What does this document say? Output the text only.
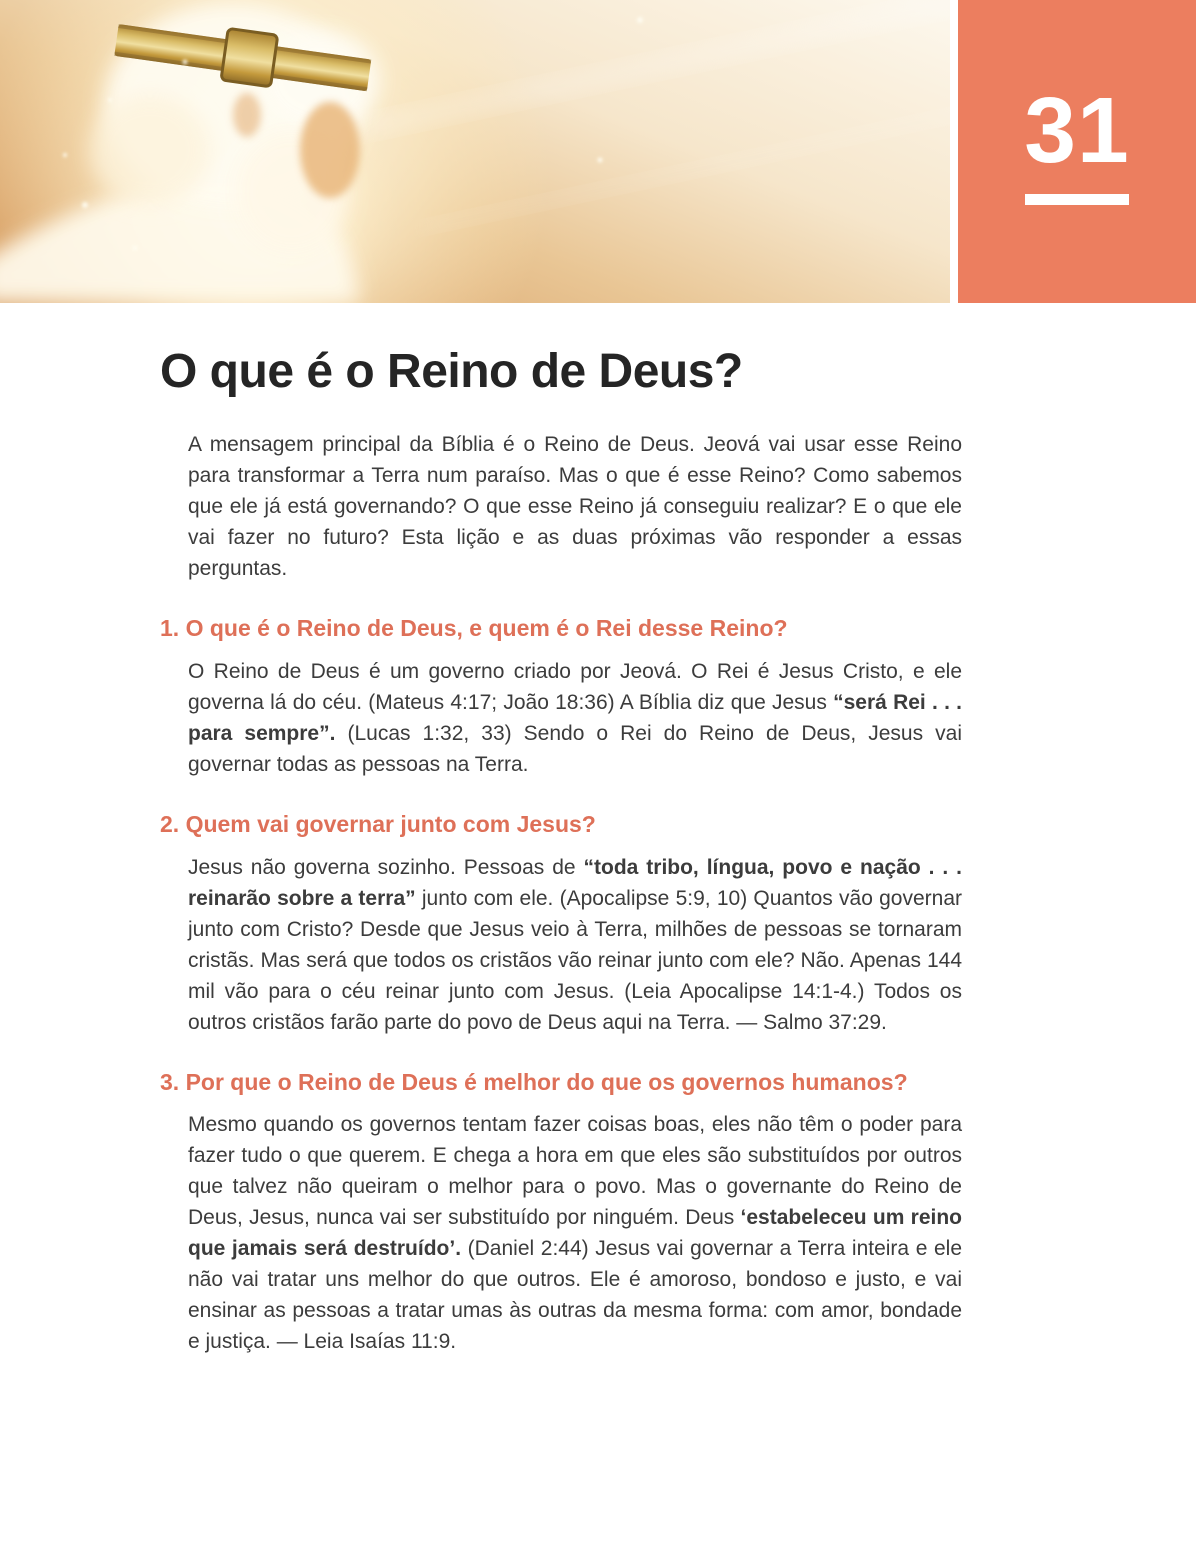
31
O que é o Reino de Deus?

A mensagem principal da Bíblia é o Reino de Deus. Jeová vai usar esse Reino para transformar a Terra num paraíso. Mas o que é esse Reino? Como sabemos que ele já está governando? O que esse Reino já conseguiu realizar? E o que ele vai fazer no futuro? Esta lição e as duas próximas vão responder a essas perguntas.

1. O que é o Reino de Deus, e quem é o Rei desse Reino?

O Reino de Deus é um governo criado por Jeová. O Rei é Jesus Cristo, e ele governa lá do céu. (Mateus 4:17; João 18:36) A Bíblia diz que Jesus “será Rei . . . para sempre”. (Lucas 1:32, 33) Sendo o Rei do Reino de Deus, Jesus vai governar todas as pessoas na Terra.

2. Quem vai governar junto com Jesus?

Jesus não governa sozinho. Pessoas de “toda tribo, língua, povo e nação . . . reinarão sobre a terra” junto com ele. (Apocalipse 5:9, 10) Quantos vão governar junto com Cristo? Desde que Jesus veio à Terra, milhões de pessoas se tornaram cristãs. Mas será que todos os cristãos vão reinar junto com ele? Não. Apenas 144 mil vão para o céu reinar junto com Jesus. (Leia Apocalipse 14:1-4.) Todos os outros cristãos farão parte do povo de Deus aqui na Terra. — Salmo 37:29.

3. Por que o Reino de Deus é melhor do que os governos humanos?

Mesmo quando os governos tentam fazer coisas boas, eles não têm o poder para fazer tudo o que querem. E chega a hora em que eles são substituídos por outros que talvez não queiram o melhor para o povo. Mas o governante do Reino de Deus, Jesus, nunca vai ser substituído por ninguém. Deus ‘estabeleceu um reino que jamais será destruído’. (Daniel 2:44) Jesus vai governar a Terra inteira e ele não vai tratar uns melhor do que outros. Ele é amoroso, bondoso e justo, e vai ensinar as pessoas a tratar umas às outras da mesma forma: com amor, bondade e justiça. — Leia Isaías 11:9.
